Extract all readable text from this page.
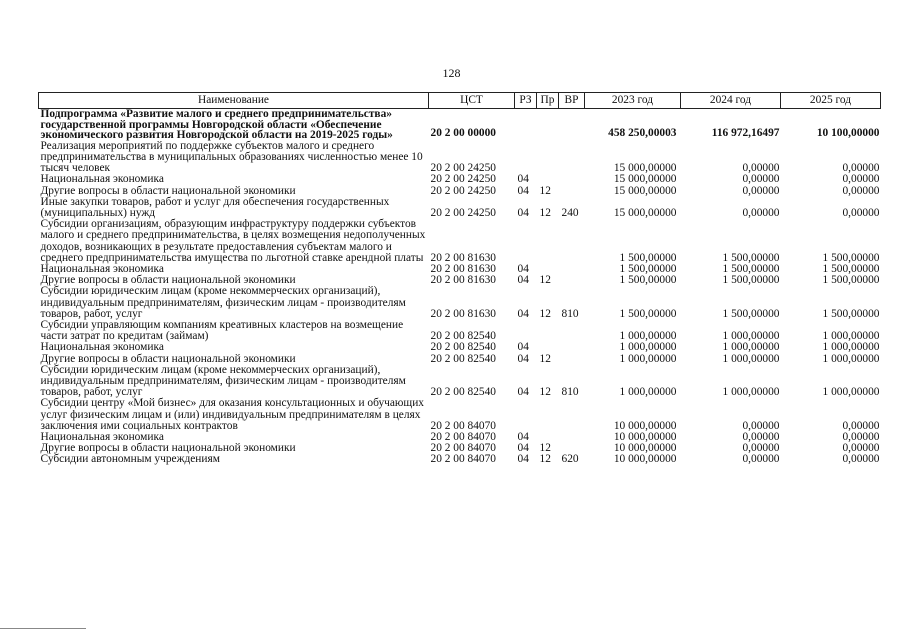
128
Наименование	ЦСТ	РЗ	Пр	ВР	2023 год	2024 год	2025 год
Подпрограмма «Развитие малого и среднего предпринимательства» государственной программы Новгородской области «Обеспечение экономического развития Новгородской области на 2019-2025 годы»	20 2 00 00000				458 250,00003	116 972,16497	10 100,00000
Реализация мероприятий по поддержке субъектов малого и среднего предпринимательства в муниципальных образованиях численностью менее 10 тысяч человек	20 2 00 24250				15 000,00000	0,00000	0,00000
Национальная экономика	20 2 00 24250	04			15 000,00000	0,00000	0,00000
Другие вопросы в области национальной экономики	20 2 00 24250	04	12		15 000,00000	0,00000	0,00000
Иные закупки товаров, работ и услуг для обеспечения государственных (муниципальных) нужд	20 2 00 24250	04	12	240	15 000,00000	0,00000	0,00000
Субсидии организациям, образующим инфраструктуру поддержки субъектов малого и среднего предпринимательства, в целях возмещения недополученных доходов, возникающих в результате предоставления субъектам малого и среднего предпринимательства имущества по льготной ставке арендной платы	20 2 00 81630				1 500,00000	1 500,00000	1 500,00000
Национальная экономика	20 2 00 81630	04			1 500,00000	1 500,00000	1 500,00000
Другие вопросы в области национальной экономики	20 2 00 81630	04	12		1 500,00000	1 500,00000	1 500,00000
Субсидии юридическим лицам (кроме некоммерческих организаций), индивидуальным предпринимателям, физическим лицам - производителям товаров, работ, услуг	20 2 00 81630	04	12	810	1 500,00000	1 500,00000	1 500,00000
Субсидии управляющим компаниям креативных кластеров на возмещение части затрат по кредитам (займам)	20 2 00 82540				1 000,00000	1 000,00000	1 000,00000
Национальная экономика	20 2 00 82540	04			1 000,00000	1 000,00000	1 000,00000
Другие вопросы в области национальной экономики	20 2 00 82540	04	12		1 000,00000	1 000,00000	1 000,00000
Субсидии юридическим лицам (кроме некоммерческих организаций), индивидуальным предпринимателям, физическим лицам - производителям товаров, работ, услуг	20 2 00 82540	04	12	810	1 000,00000	1 000,00000	1 000,00000
Субсидии центру «Мой бизнес» для оказания консультационных и обучающих услуг физическим лицам и (или) индивидуальным предпринимателям в целях заключения ими социальных контрактов	20 2 00 84070				10 000,00000	0,00000	0,00000
Национальная экономика	20 2 00 84070	04			10 000,00000	0,00000	0,00000
Другие вопросы в области национальной экономики	20 2 00 84070	04	12		10 000,00000	0,00000	0,00000
Субсидии автономным учреждениям	20 2 00 84070	04	12	620	10 000,00000	0,00000	0,00000
